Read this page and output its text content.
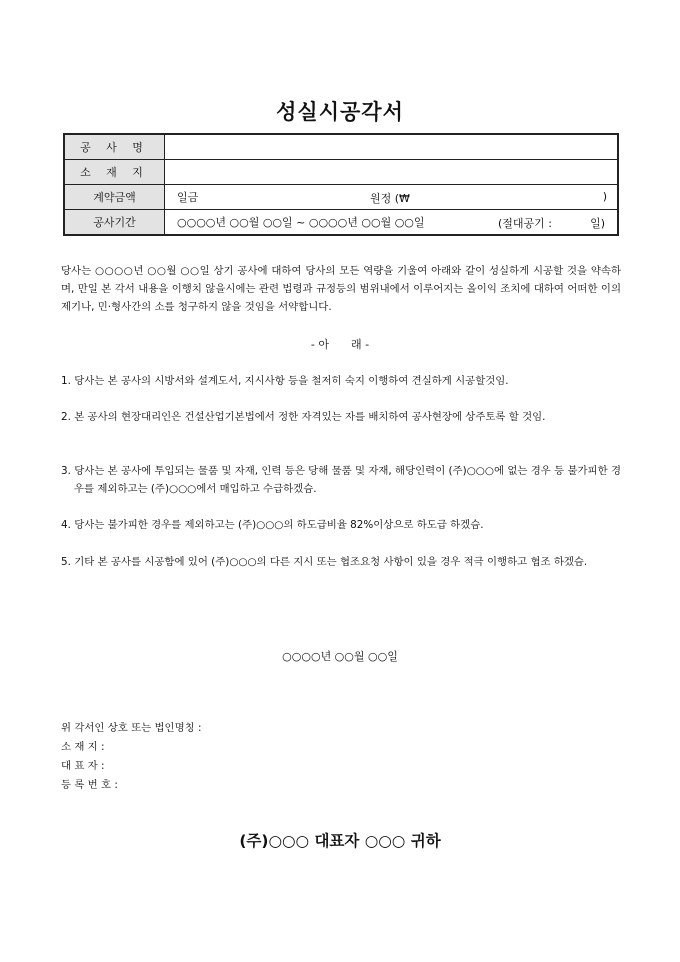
성실시공각서
공 사 명	
소 재 지	
계약금액	일금 원정 (₩ )

공사기간	○○○○년 ○○월 ○○일 ~ ○○○○년 ○○월 ○○일 (절대공기 : 일)
당사는 ○○○○년 ○○월 ○○일 상기 공사에 대하여 당사의 모든 역량을 기울여 아래와 같이 성실하게 시공할 것을 약속하며, 만일 본 각서 내용을 이행치 않을시에는 관련 법령과 규정등의 범위내에서 이루어지는 올이익 조치에 대하여 어떠한 이의제기나, 민·형사간의 소를 청구하지 않을 것임을 서약합니다.
- 아　　래 -
1. 당사는 본 공사의 시방서와 설계도서, 지시사항 등을 철저히 숙지 이행하여 견실하게 시공할것임.
2. 본 공사의 현장대리인은 건설산업기본법에서 정한 자격있는 자를 배치하여 공사현장에 상주토록 할 것임.
3. 당사는 본 공사에 투입되는 물품 및 자재, 인력 등은 당해 물품 및 자재, 해당인력이 (주)○○○에 없는 경우 등 불가피한 경우를 제외하고는 (주)○○○에서 매입하고 수급하겠슴.
4. 당사는 불가피한 경우를 제외하고는 (주)○○○의 하도급비율 82%이상으로 하도급 하겠슴.
5. 기타 본 공사를 시공함에 있어 (주)○○○의 다른 지시 또는 협조요청 사항이 있을 경우 적극 이행하고 협조 하겠슴.
○○○○년 ○○월 ○○일
위 각서인 상호 또는 법인명칭 :
소 재 지 :
대 표 자 :
등 록 번 호 :
(주)○○○ 대표자 ○○○ 귀하
